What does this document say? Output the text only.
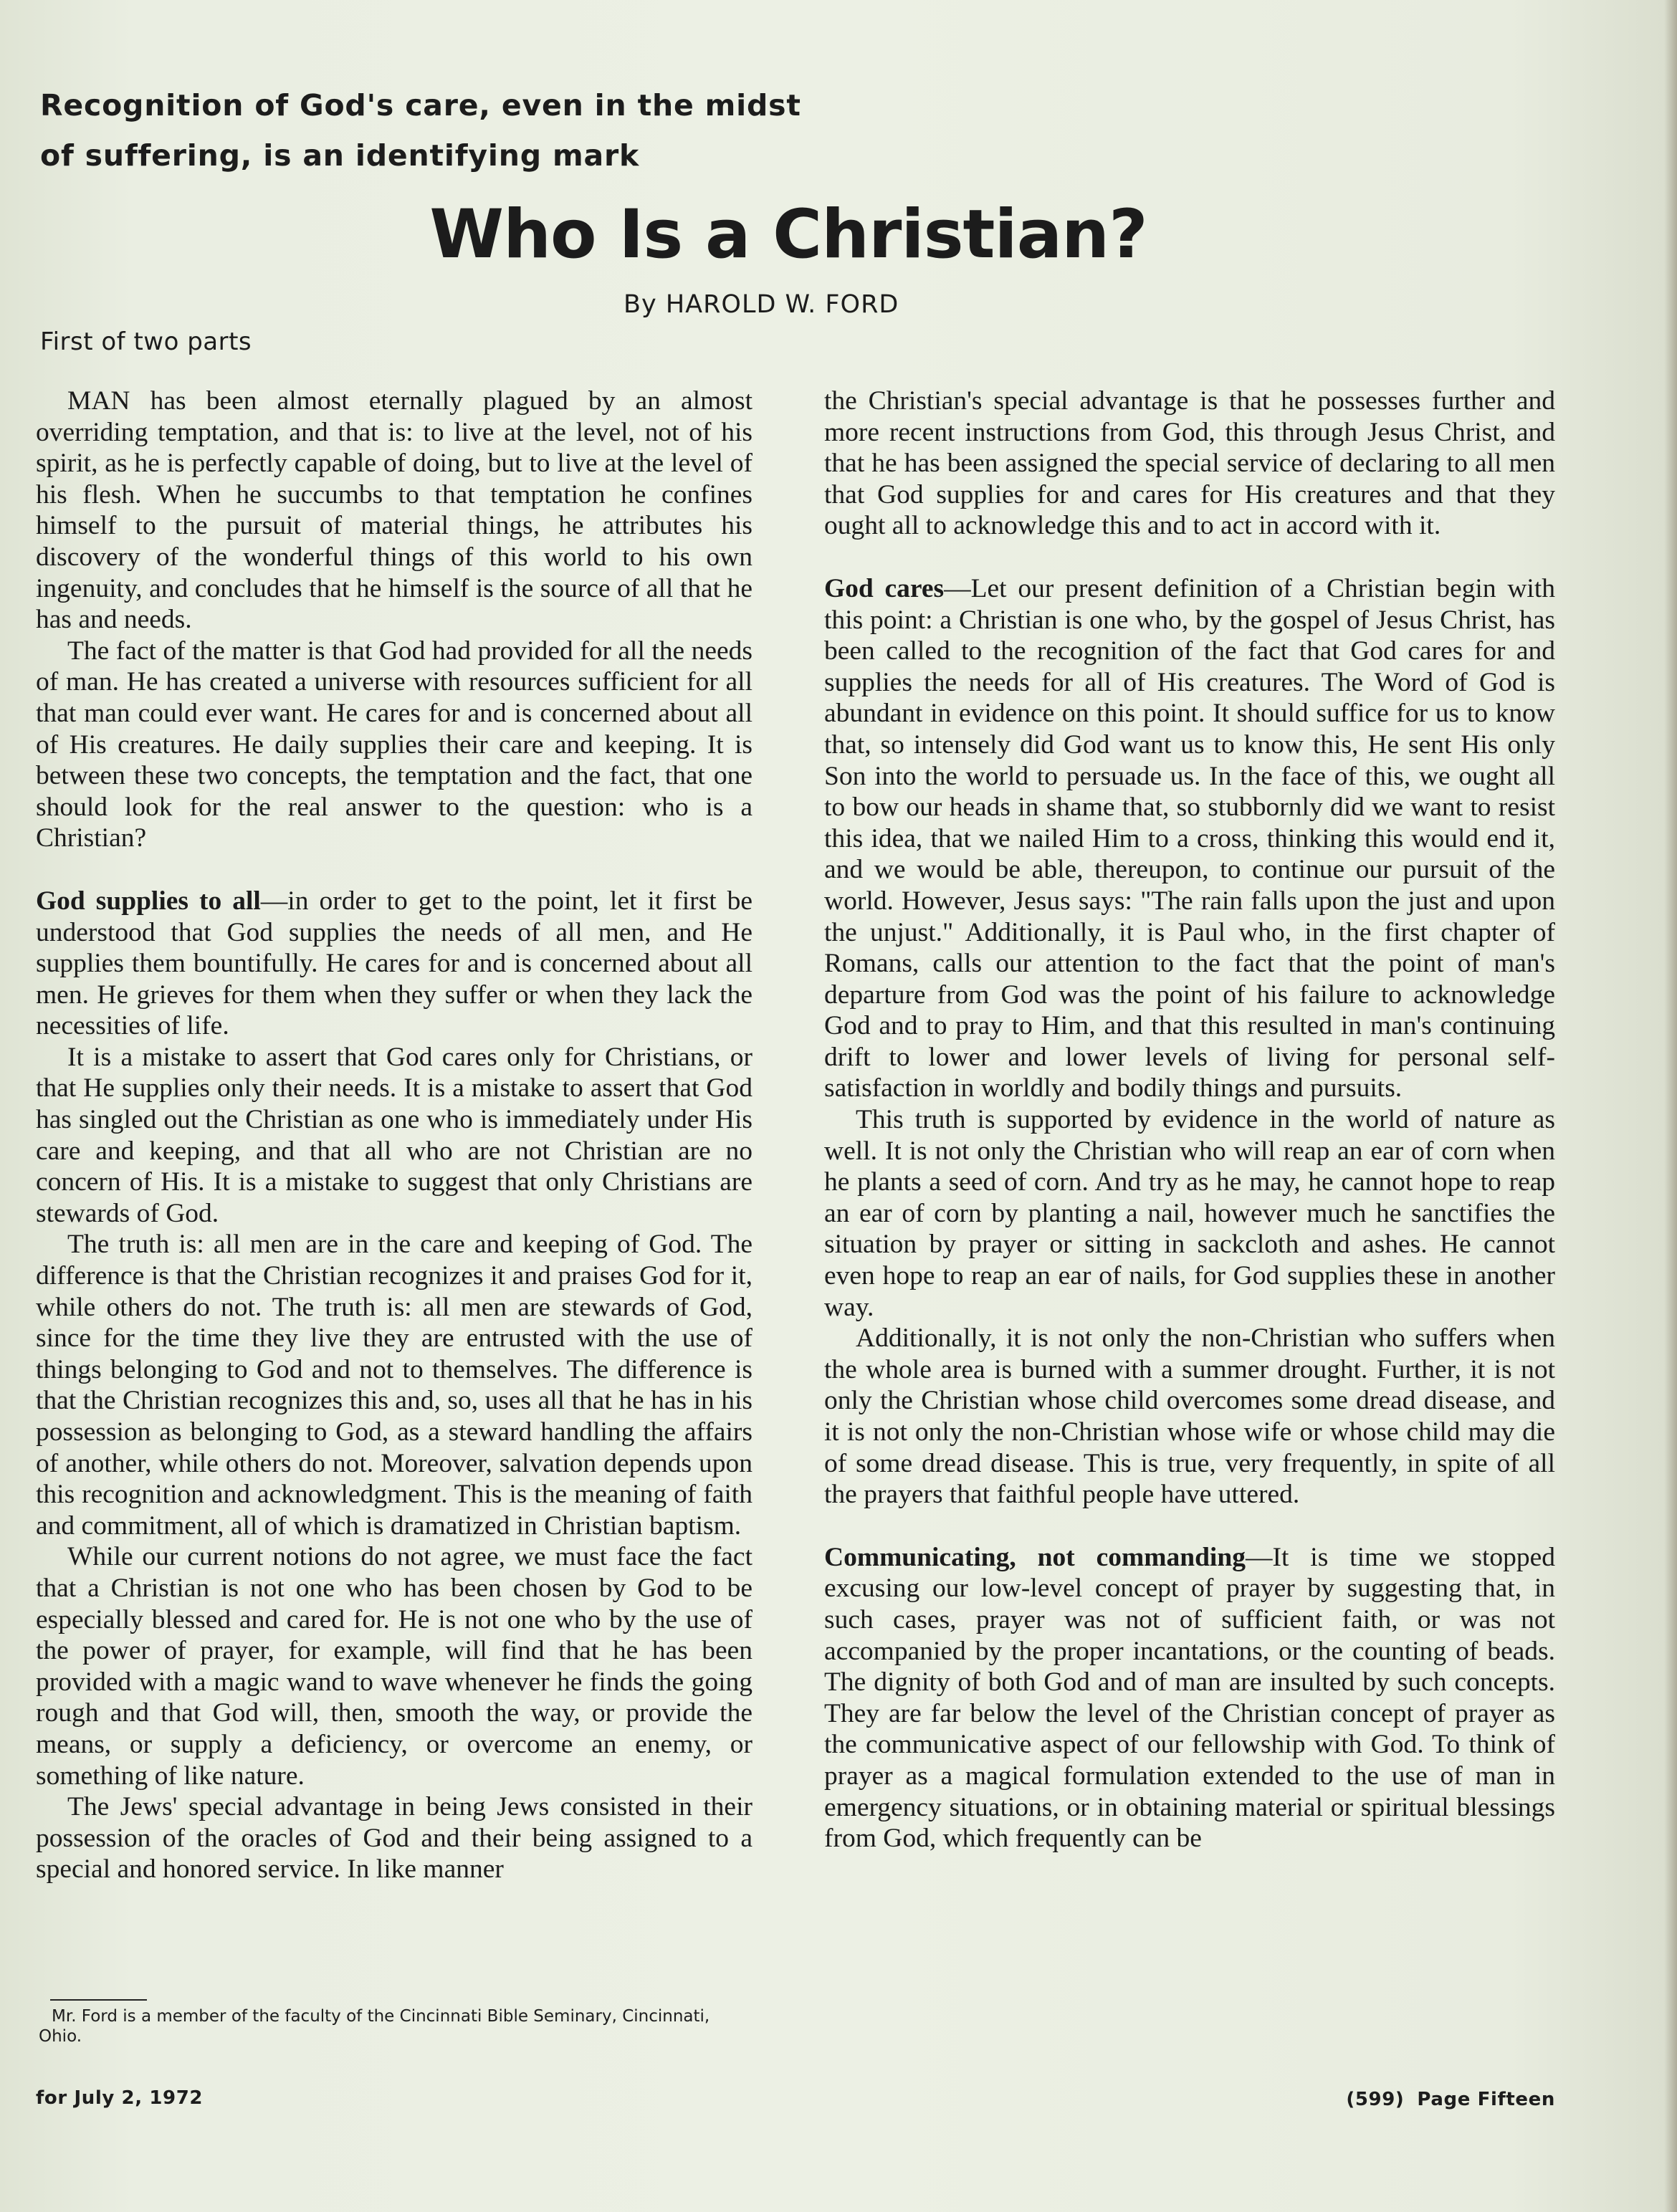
Recognition of God's care, even in the midst of suffering, is an identifying mark
Who Is a Christian?
By HAROLD W. FORD
First of two parts

MAN has been almost eternally plagued by an almost overriding temptation, and that is: to live at the level, not of his spirit, as he is perfectly capable of doing, but to live at the level of his flesh. When he succumbs to that temptation he confines himself to the pursuit of material things, he attributes his discovery of the wonderful things of this world to his own ingenuity, and concludes that he himself is the source of all that he has and needs.

The fact of the matter is that God had provided for all the needs of man. He has created a universe with resources sufficient for all that man could ever want. He cares for and is concerned about all of His creatures. He daily supplies their care and keeping. It is between these two concepts, the temptation and the fact, that one should look for the real answer to the question: who is a Christian?

God supplies to all—in order to get to the point, let it first be understood that God supplies the needs of all men, and He supplies them bountifully. He cares for and is concerned about all men. He grieves for them when they suffer or when they lack the necessities of life.

It is a mistake to assert that God cares only for Christians, or that He supplies only their needs. It is a mistake to assert that God has singled out the Christian as one who is immediately under His care and keeping, and that all who are not Christian are no concern of His. It is a mistake to suggest that only Christians are stewards of God.

The truth is: all men are in the care and keeping of God. The difference is that the Christian recognizes it and praises God for it, while others do not. The truth is: all men are stewards of God, since for the time they live they are entrusted with the use of things belonging to God and not to themselves. The difference is that the Christian recognizes this and, so, uses all that he has in his possession as belonging to God, as a steward handling the affairs of another, while others do not. Moreover, salvation depends upon this recognition and acknowledgment. This is the meaning of faith and commitment, all of which is dramatized in Christian baptism.

While our current notions do not agree, we must face the fact that a Christian is not one who has been chosen by God to be especially blessed and cared for. He is not one who by the use of the power of prayer, for example, will find that he has been provided with a magic wand to wave whenever he finds the going rough and that God will, then, smooth the way, or provide the means, or supply a deficiency, or overcome an enemy, or something of like nature.

The Jews' special advantage in being Jews consisted in their possession of the oracles of God and their being assigned to a special and honored service. In like manner

the Christian's special advantage is that he possesses further and more recent instructions from God, this through Jesus Christ, and that he has been assigned the special service of declaring to all men that God supplies for and cares for His creatures and that they ought all to acknowledge this and to act in accord with it.

God cares—Let our present definition of a Christian begin with this point: a Christian is one who, by the gospel of Jesus Christ, has been called to the recognition of the fact that God cares for and supplies the needs for all of His creatures. The Word of God is abundant in evidence on this point. It should suffice for us to know that, so intensely did God want us to know this, He sent His only Son into the world to persuade us. In the face of this, we ought all to bow our heads in shame that, so stubbornly did we want to resist this idea, that we nailed Him to a cross, thinking this would end it, and we would be able, thereupon, to continue our pursuit of the world. However, Jesus says: "The rain falls upon the just and upon the unjust." Additionally, it is Paul who, in the first chapter of Romans, calls our attention to the fact that the point of man's departure from God was the point of his failure to acknowledge God and to pray to Him, and that this resulted in man's continuing drift to lower and lower levels of living for personal self-satisfaction in worldly and bodily things and pursuits.

This truth is supported by evidence in the world of nature as well. It is not only the Christian who will reap an ear of corn when he plants a seed of corn. And try as he may, he cannot hope to reap an ear of corn by planting a nail, however much he sanctifies the situation by prayer or sitting in sackcloth and ashes. He cannot even hope to reap an ear of nails, for God supplies these in another way.

Additionally, it is not only the non-Christian who suffers when the whole area is burned with a summer drought. Further, it is not only the Christian whose child overcomes some dread disease, and it is not only the non-Christian whose wife or whose child may die of some dread disease. This is true, very frequently, in spite of all the prayers that faithful people have uttered.

Communicating, not commanding—It is time we stopped excusing our low-level concept of prayer by suggesting that, in such cases, prayer was not of sufficient faith, or was not accompanied by the proper incantations, or the counting of beads. The dignity of both God and of man are insulted by such concepts. They are far below the level of the Christian concept of prayer as the communicative aspect of our fellowship with God. To think of prayer as a magical formulation extended to the use of man in emergency situations, or in obtaining material or spiritual blessings from God, which frequently can be

Mr. Ford is a member of the faculty of the Cincinnati Bible Seminary, Cincinnati, Ohio.
for July 2, 1972	(599) Page Fifteen
